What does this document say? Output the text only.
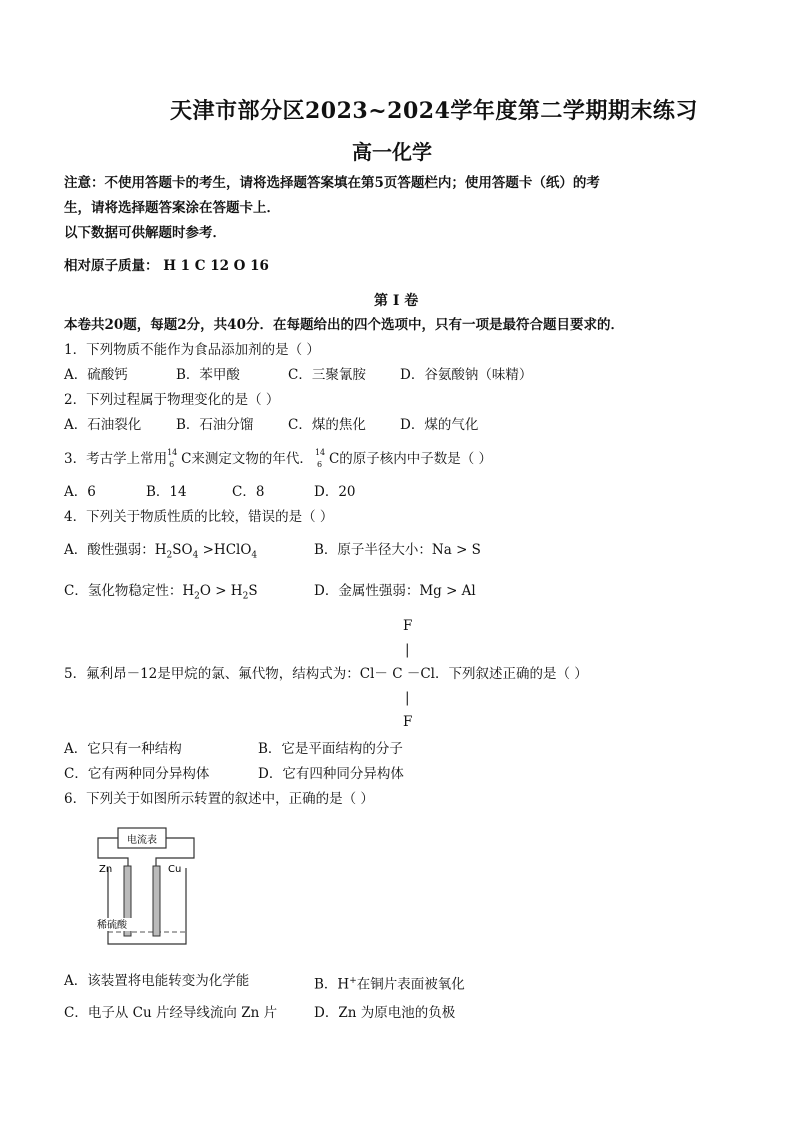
天津市部分区2023~2024学年度第二学期期末练习
高一化学
注意：不使用答题卡的考生，请将选择题答案填在第5页答题栏内；使用答题卡（纸）的考
生，请将选择题答案涂在答题卡上．
以下数据可供解题时参考．
相对原子质量： H 1 C 12 O 16
第 I 卷
本卷共20题，每题2分，共40分．在每题给出的四个选项中，只有一项是最符合题目要求的．
1．下列物质不能作为食品添加剂的是（ ）
A．硫酸钙	B．苯甲酸	C．三聚氰胺	D．谷氨酸钠（味精）
2．下列过程属于物理变化的是（ ）
A．石油裂化	B．石油分馏	C．煤的焦化	D．煤的气化
3．考古学上常用 14
6 C来测定文物的年代． 14
6 C的原子核内中子数是（ ）
A．6	B．14	C．8	D．20
4．下列关于物质性质的比较，错误的是（ ）
A．酸性强弱：$H_2SO_4$ >HClO$_4$	B．原子半径大小：Na > S
C．氢化物稳定性：$H_2O > H_2S$	D．金属性强弱：Mg > Al
F
|
5．氟利昂－12是甲烷的氯、氟代物，结构式为：Cl－ C －Cl．下列叙述正确的是（ ）
|
F
A．它只有一种结构	B．它是平面结构的分子
C．它有两种同分异构体	D．它有四种同分异构体
6．下列关于如图所示转置的叙述中，正确的是（ ）
电流表
Zn	Cu
稀硫酸
A．该装置将电能转变为化学能	B．H+在铜片表面被氧化
C．电子从 Cu 片经导线流向 Zn 片	D．Zn 为原电池的负极
